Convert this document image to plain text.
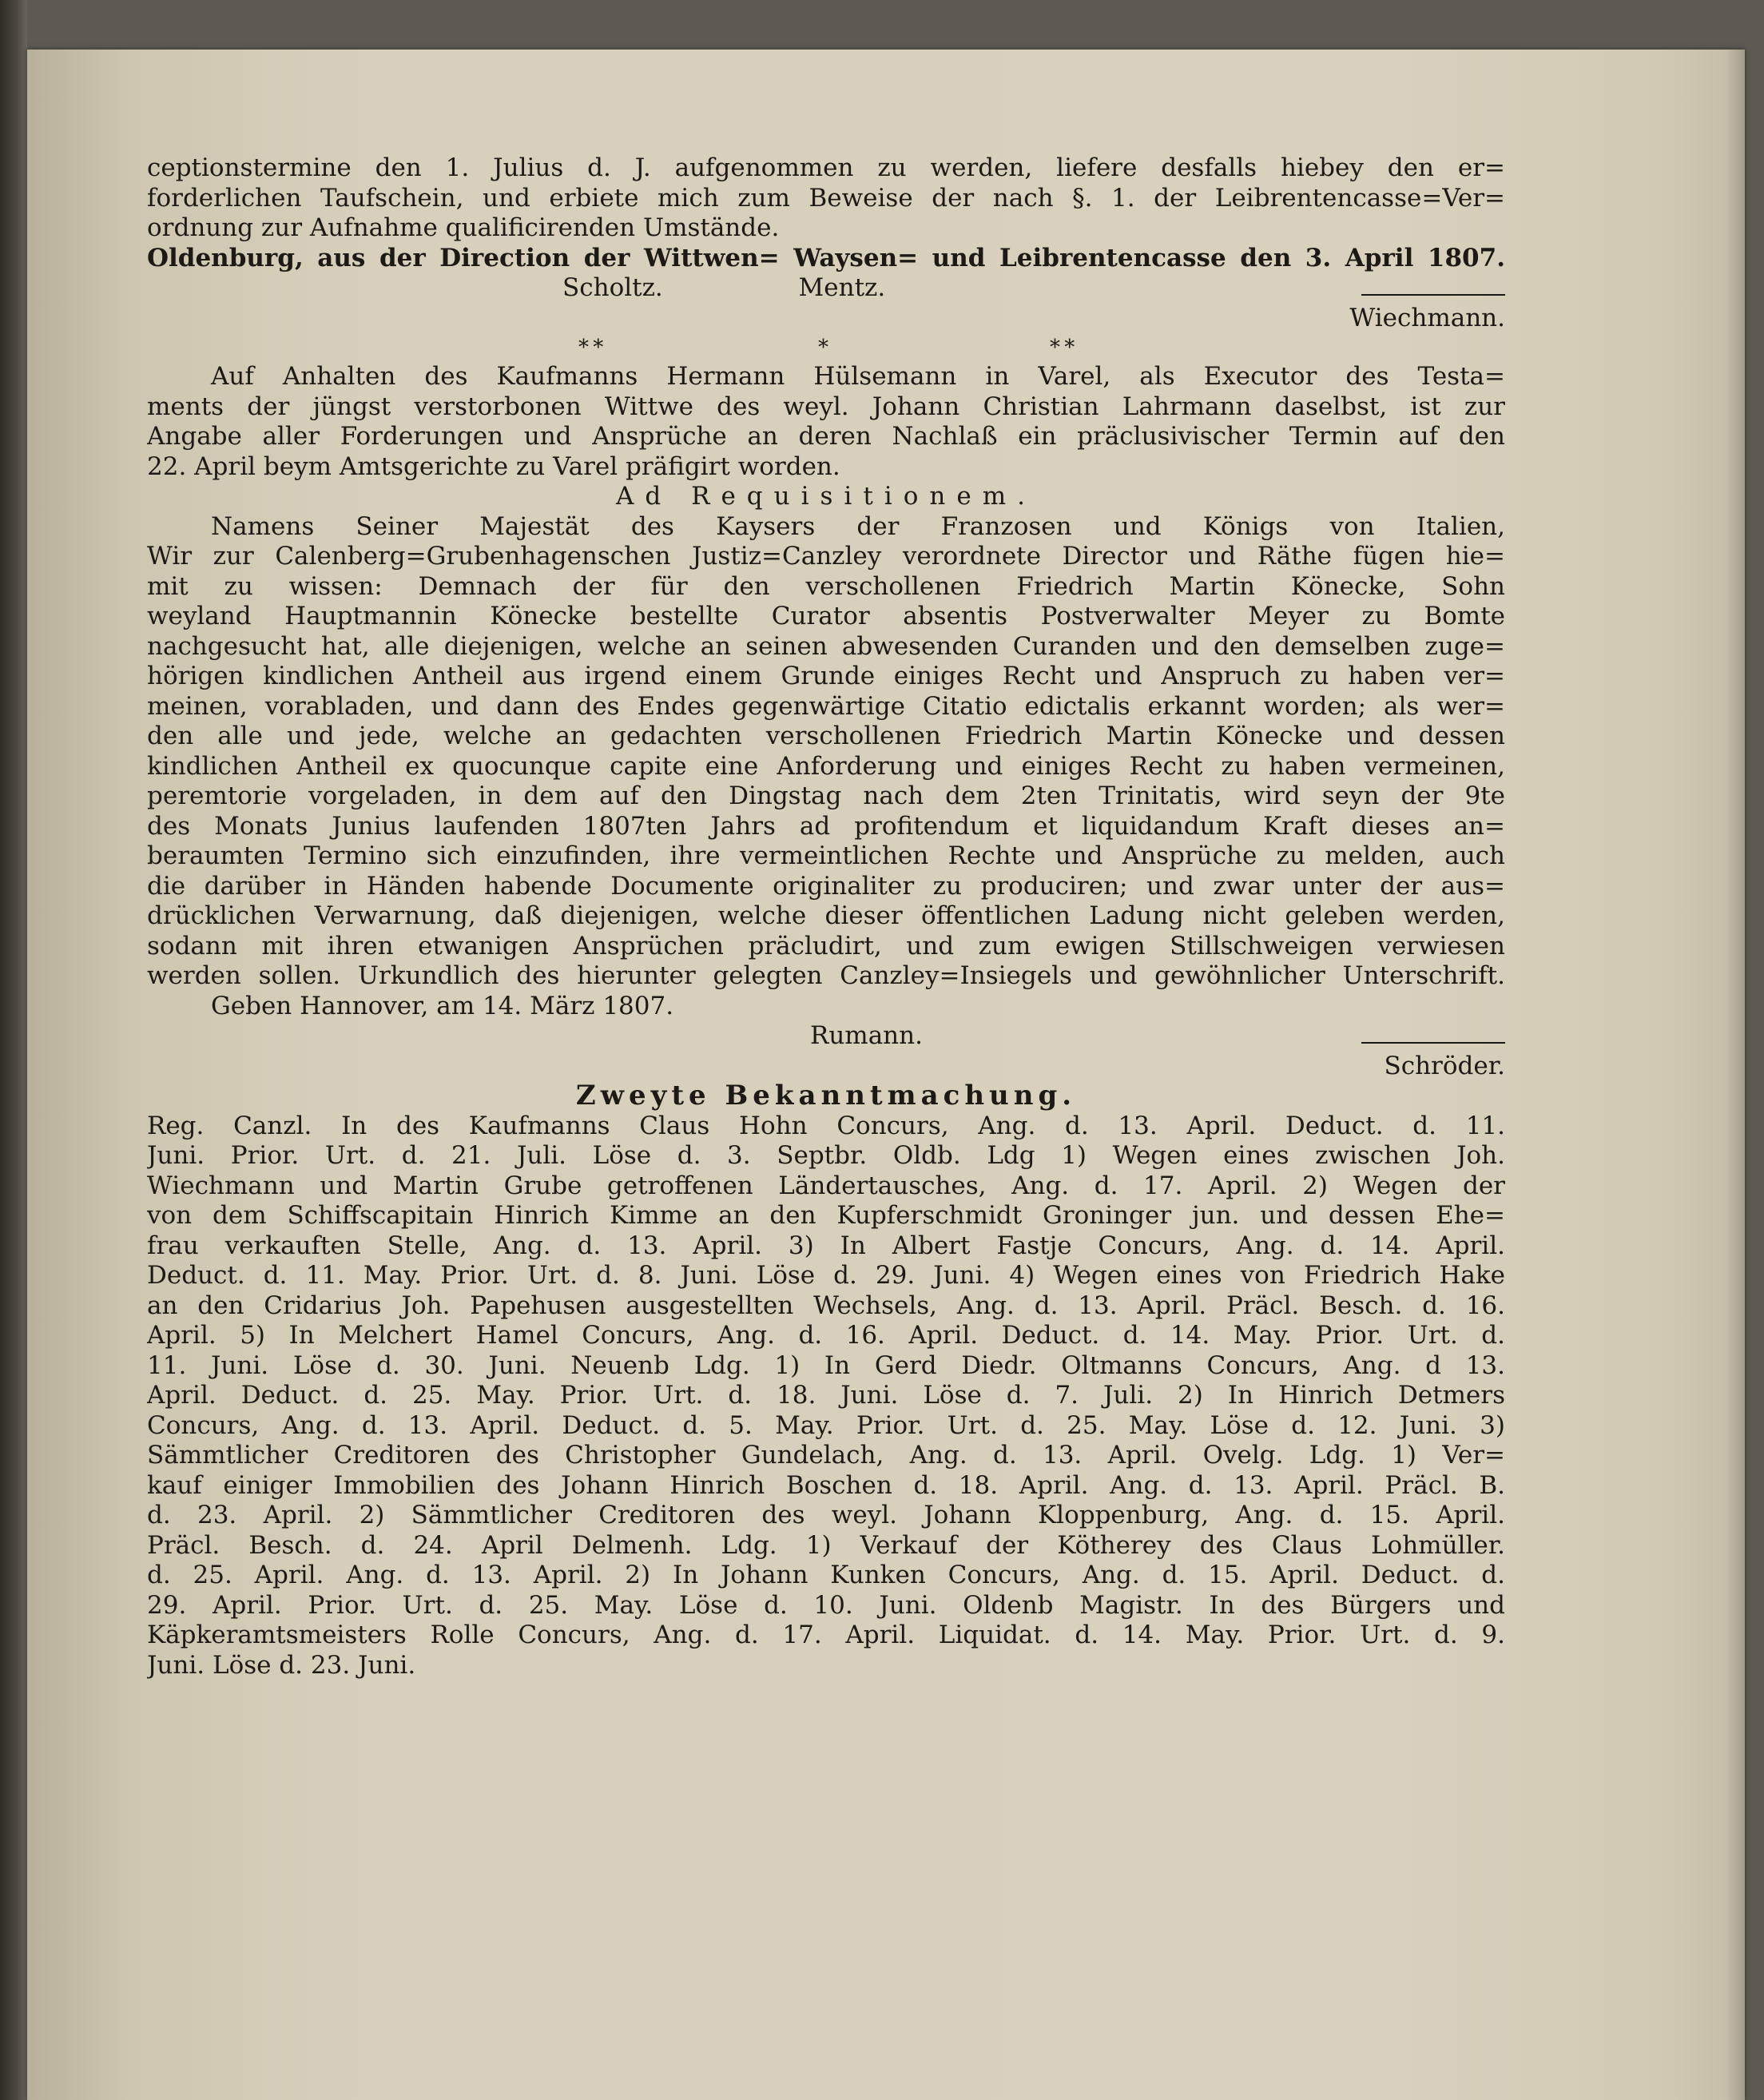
ceptionstermine den 1. Julius d. J. aufgenommen zu werden, liefere desfalls hiebey den er=
forderlichen Taufschein, und erbiete mich zum Beweise der nach §. 1. der Leibrentencasse=Ver=
ordnung zur Aufnahme qualificirenden Umstände.
Oldenburg, aus der Direction der Wittwen= Waysen= und Leibrentencasse den 3. April 1807.
Scholtz.	Mentz.
Wiechmann.
* *	*	* *
Auf Anhalten des Kaufmanns Hermann Hülsemann in Varel, als Executor des Testa=
ments der jüngst verstorbonen Wittwe des weyl. Johann Christian Lahrmann daselbst, ist zur
Angabe aller Forderungen und Ansprüche an deren Nachlaß ein präclusivischer Termin auf den
22. April beym Amtsgerichte zu Varel präfigirt worden.
Ad Requisitionem.
Namens Seiner Majestät des Kaysers der Franzosen und Königs von Italien,
Wir zur Calenberg=Grubenhagenschen Justiz=Canzley verordnete Director und Räthe fügen hie=
mit zu wissen: Demnach der für den verschollenen Friedrich Martin Könecke, Sohn
weyland Hauptmannin Könecke bestellte Curator absentis Postverwalter Meyer zu Bomte
nachgesucht hat, alle diejenigen, welche an seinen abwesenden Curanden und den demselben zuge=
hörigen kindlichen Antheil aus irgend einem Grunde einiges Recht und Anspruch zu haben ver=
meinen, vorabladen, und dann des Endes gegenwärtige Citatio edictalis erkannt worden; als wer=
den alle und jede, welche an gedachten verschollenen Friedrich Martin Könecke und dessen
kindlichen Antheil ex quocunque capite eine Anforderung und einiges Recht zu haben vermeinen,
peremtorie vorgeladen, in dem auf den Dingstag nach dem 2ten Trinitatis, wird seyn der 9te
des Monats Junius laufenden 1807ten Jahrs ad profitendum et liquidandum Kraft dieses an=
beraumten Termino sich einzufinden, ihre vermeintlichen Rechte und Ansprüche zu melden, auch
die darüber in Händen habende Documente originaliter zu produciren; und zwar unter der aus=
drücklichen Verwarnung, daß diejenigen, welche dieser öffentlichen Ladung nicht geleben werden,
sodann mit ihren etwanigen Ansprüchen präcludirt, und zum ewigen Stillschweigen verwiesen
werden sollen. Urkundlich des hierunter gelegten Canzley=Insiegels und gewöhnlicher Unterschrift.
Geben Hannover, am 14. März 1807.
Rumann.
Schröder.
Zweyte Bekanntmachung.
Reg. Canzl. In des Kaufmanns Claus Hohn Concurs, Ang. d. 13. April. Deduct. d. 11.
Juni. Prior. Urt. d. 21. Juli. Löse d. 3. Septbr. Oldb. Ldg 1) Wegen eines zwischen Joh.
Wiechmann und Martin Grube getroffenen Ländertausches, Ang. d. 17. April. 2) Wegen der
von dem Schiffscapitain Hinrich Kimme an den Kupferschmidt Groninger jun. und dessen Ehe=
frau verkauften Stelle, Ang. d. 13. April. 3) In Albert Fastje Concurs, Ang. d. 14. April.
Deduct. d. 11. May. Prior. Urt. d. 8. Juni. Löse d. 29. Juni. 4) Wegen eines von Friedrich Hake
an den Cridarius Joh. Papehusen ausgestellten Wechsels, Ang. d. 13. April. Präcl. Besch. d. 16.
April. 5) In Melchert Hamel Concurs, Ang. d. 16. April. Deduct. d. 14. May. Prior. Urt. d.
11. Juni. Löse d. 30. Juni. Neuenb Ldg. 1) In Gerd Diedr. Oltmanns Concurs, Ang. d 13.
April. Deduct. d. 25. May. Prior. Urt. d. 18. Juni. Löse d. 7. Juli. 2) In Hinrich Detmers
Concurs, Ang. d. 13. April. Deduct. d. 5. May. Prior. Urt. d. 25. May. Löse d. 12. Juni. 3)
Sämmtlicher Creditoren des Christopher Gundelach, Ang. d. 13. April. Ovelg. Ldg. 1) Ver=
kauf einiger Immobilien des Johann Hinrich Boschen d. 18. April. Ang. d. 13. April. Präcl. B.
d. 23. April. 2) Sämmtlicher Creditoren des weyl. Johann Kloppenburg, Ang. d. 15. April.
Präcl. Besch. d. 24. April Delmenh. Ldg. 1) Verkauf der Kötherey des Claus Lohmüller.
d. 25. April. Ang. d. 13. April. 2) In Johann Kunken Concurs, Ang. d. 15. April. Deduct. d.
29. April. Prior. Urt. d. 25. May. Löse d. 10. Juni. Oldenb Magistr. In des Bürgers und
Käpkeramtsmeisters Rolle Concurs, Ang. d. 17. April. Liquidat. d. 14. May. Prior. Urt. d. 9.
Juni. Löse d. 23. Juni.
